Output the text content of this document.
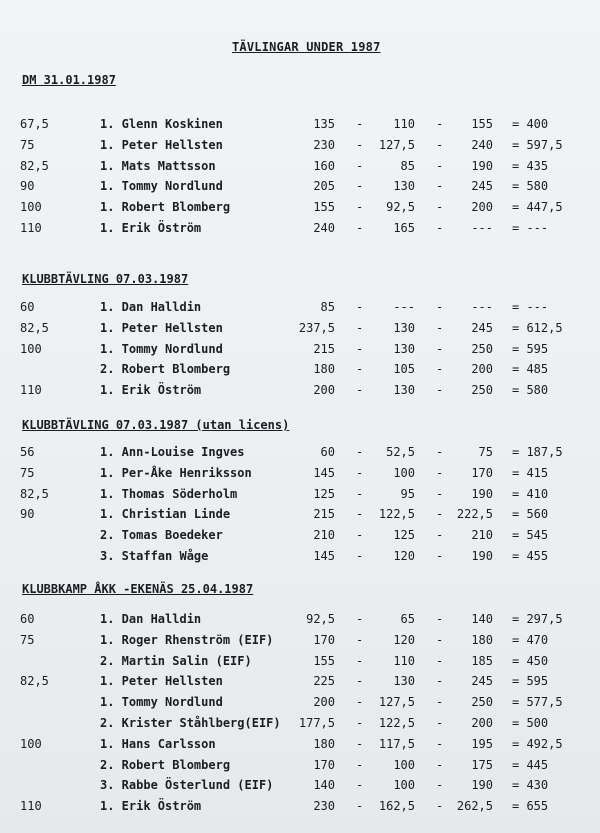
TÄVLINGAR UNDER 1987
DM 31.01.1987
67,5	1. Glenn Koskinen	135 -	110 -	155 = 400
75	1. Peter Hellsten	230 -	127,5 -	240 = 597,5
82,5	1. Mats Mattsson	160 -	85 -	190 = 435
90	1. Tommy Nordlund	205 -	130 -	245 = 580
100	1. Robert Blomberg	155 -	92,5 -	200 = 447,5
110	1. Erik Öström	240 -	165 -	--- = ---
KLUBBTÄVLING 07.03.1987
60	1. Dan Halldin	85 -	--- -	--- = ---
82,5	1. Peter Hellsten	237,5 -	130 -	245 = 612,5
100	1. Tommy Nordlund	215 -	130 -	250 = 595
2. Robert Blomberg	180 -	105 -	200 = 485
110	1. Erik Öström	200 -	130 -	250 = 580
KLUBBTÄVLING 07.03.1987 (utan licens)
56	1. Ann-Louise Ingves	60 -	52,5 -	75 = 187,5
75	1. Per-Åke Henriksson	145 -	100 -	170 = 415
82,5	1. Thomas Söderholm	125 -	95 -	190 = 410
90	1. Christian Linde	215 -	122,5 -	222,5 = 560
2. Tomas Boedeker	210 -	125 -	210 = 545
3. Staffan Wåge	145 -	120 -	190 = 455
KLUBBKAMP ÅKK -EKENÄS 25.04.1987
60	1. Dan Halldin	92,5 -	65 -	140 = 297,5
75	1. Roger Rhenström (EIF)	170 -	120 -	180 = 470
2. Martin Salin (EIF)	155 -	110 -	185 = 450
82,5	1. Peter Hellsten	225 -	130 -	245 = 595
1. Tommy Nordlund	200 -	127,5 -	250 = 577,5
2. Krister Ståhlberg(EIF)	177,5 -	122,5 -	200 = 500
100	1. Hans Carlsson	180 -	117,5 -	195 = 492,5
2. Robert Blomberg	170 -	100 -	175 = 445
3. Rabbe Österlund (EIF)	140 -	100 -	190 = 430
110	1. Erik Öström	230 -	162,5 -	262,5 = 655
